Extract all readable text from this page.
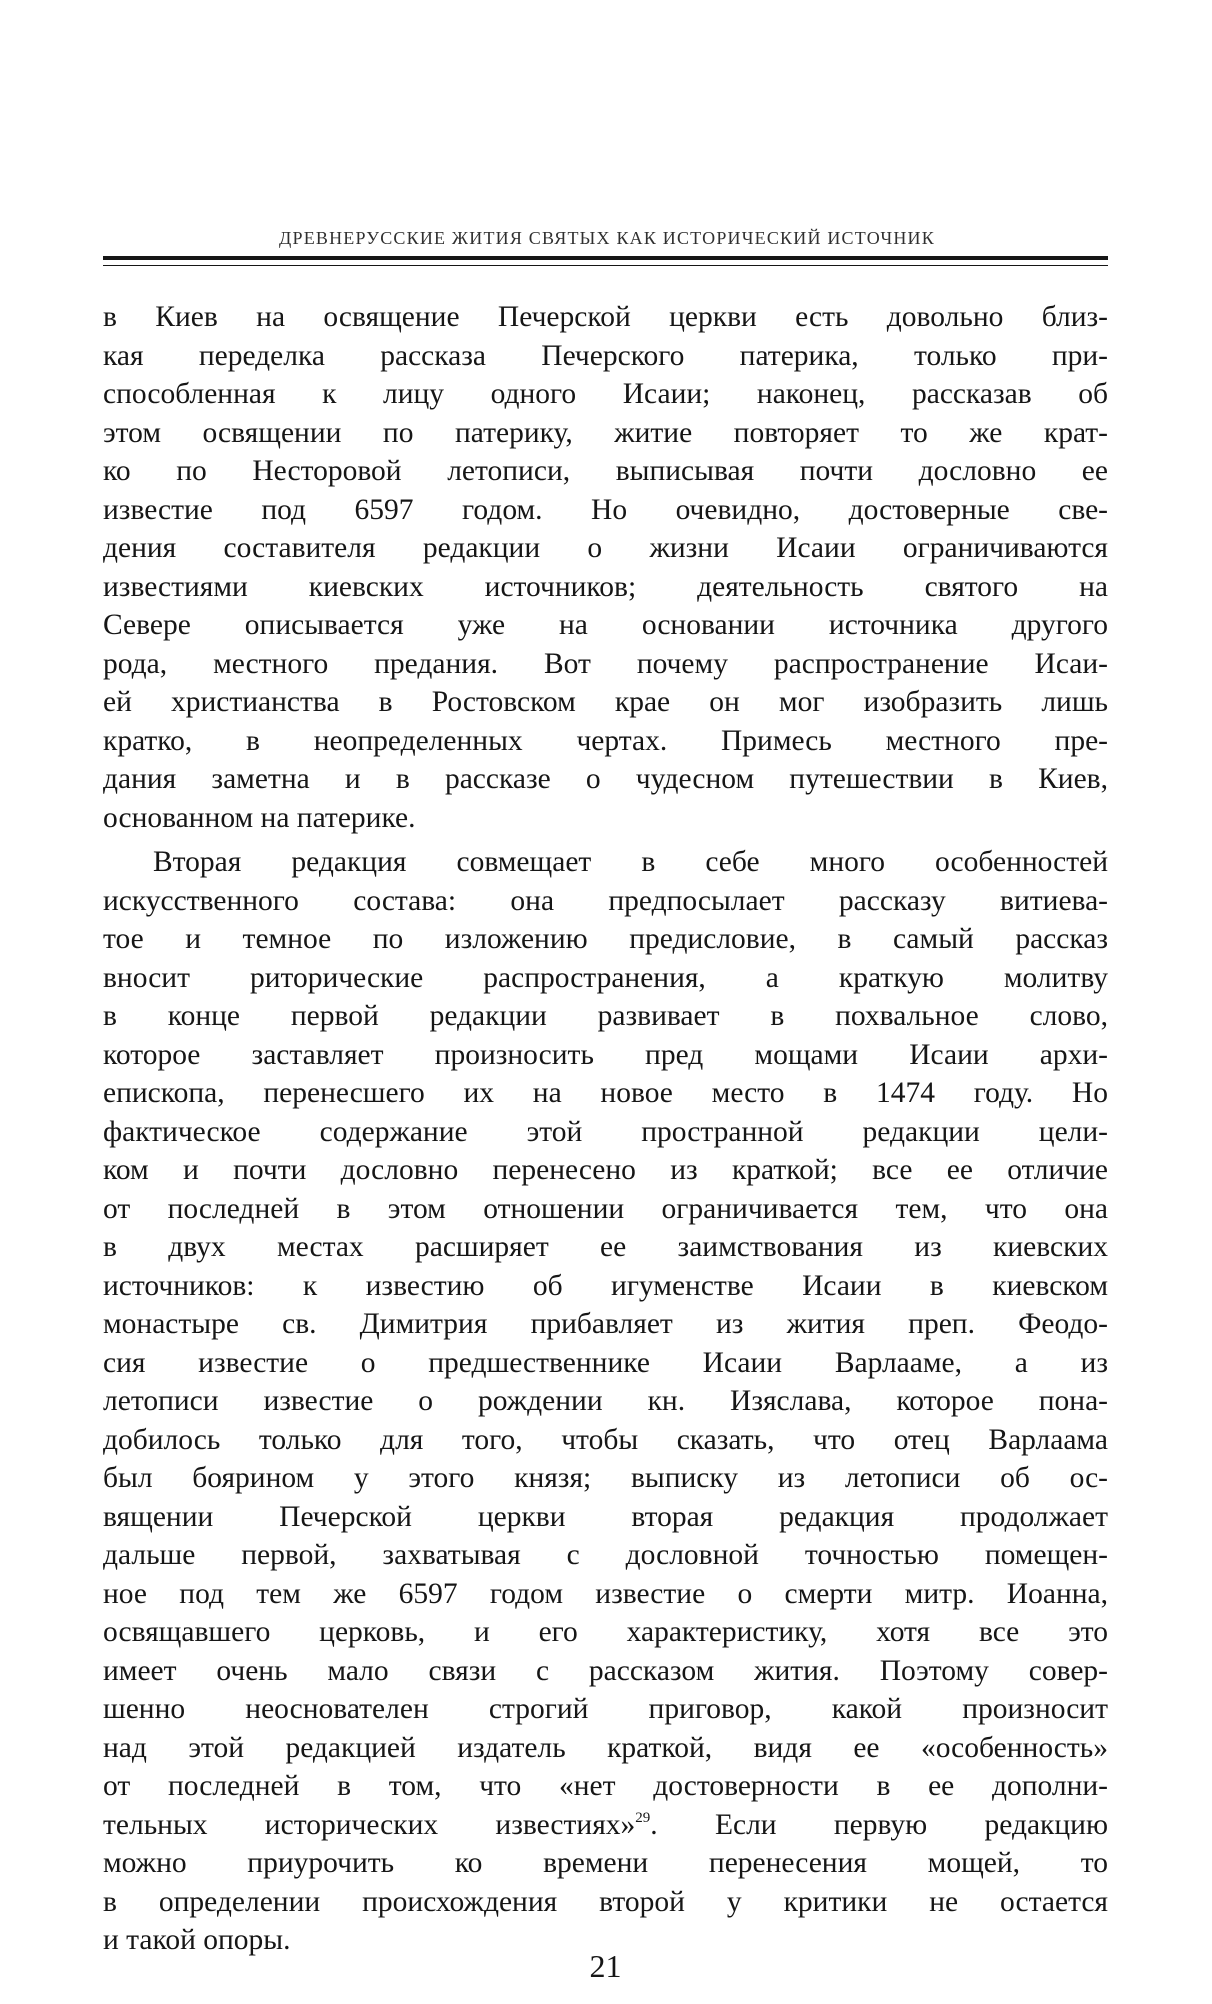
ДРЕВНЕРУССКИЕ ЖИТИЯ СВЯТЫХ КАК ИСТОРИЧЕСКИЙ ИСТОЧНИК
в Киев на освящение Печерской церкви есть довольно близ-
кая переделка рассказа Печерского патерика, только при-
способленная к лицу одного Исаии; наконец, рассказав об
этом освящении по патерику, житие повторяет то же крат-
ко по Несторовой летописи, выписывая почти дословно ее
известие под 6597 годом. Но очевидно, достоверные све-
дения составителя редакции о жизни Исаии ограничиваются
известиями киевских источников; деятельность святого на
Севере описывается уже на основании источника другого
рода, местного предания. Вот почему распространение Исаи-
ей христианства в Ростовском крае он мог изобразить лишь
кратко, в неопределенных чертах. Примесь местного пре-
дания заметна и в рассказе о чудесном путешествии в Киев,
основанном на патерике.
Вторая редакция совмещает в себе много особенностей
искусственного состава: она предпосылает рассказу витиева-
тое и темное по изложению предисловие, в самый рассказ
вносит риторические распространения, а краткую молитву
в конце первой редакции развивает в похвальное слово,
которое заставляет произносить пред мощами Исаии архи-
епископа, перенесшего их на новое место в 1474 году. Но
фактическое содержание этой пространной редакции цели-
ком и почти дословно перенесено из краткой; все ее отличие
от последней в этом отношении ограничивается тем, что она
в двух местах расширяет ее заимствования из киевских
источников: к известию об игуменстве Исаии в киевском
монастыре св. Димитрия прибавляет из жития преп. Феодо-
сия известие о предшественнике Исаии Варлааме, а из
летописи известие о рождении кн. Изяслава, которое пона-
добилось только для того, чтобы сказать, что отец Варлаама
был боярином у этого князя; выписку из летописи об ос-
вящении Печерской церкви вторая редакция продолжает
дальше первой, захватывая с дословной точностью помещен-
ное под тем же 6597 годом известие о смерти митр. Иоанна,
освящавшего церковь, и его характеристику, хотя все это
имеет очень мало связи с рассказом жития. Поэтому совер-
шенно неоснователен строгий приговор, какой произносит
над этой редакцией издатель краткой, видя ее «особенность»
от последней в том, что «нет достоверности в ее дополни-
тельных исторических известиях»$^{29}$. Если первую редакцию
можно приурочить ко времени перенесения мощей, то
в определении происхождения второй у критики не остается
и такой опоры.
21
